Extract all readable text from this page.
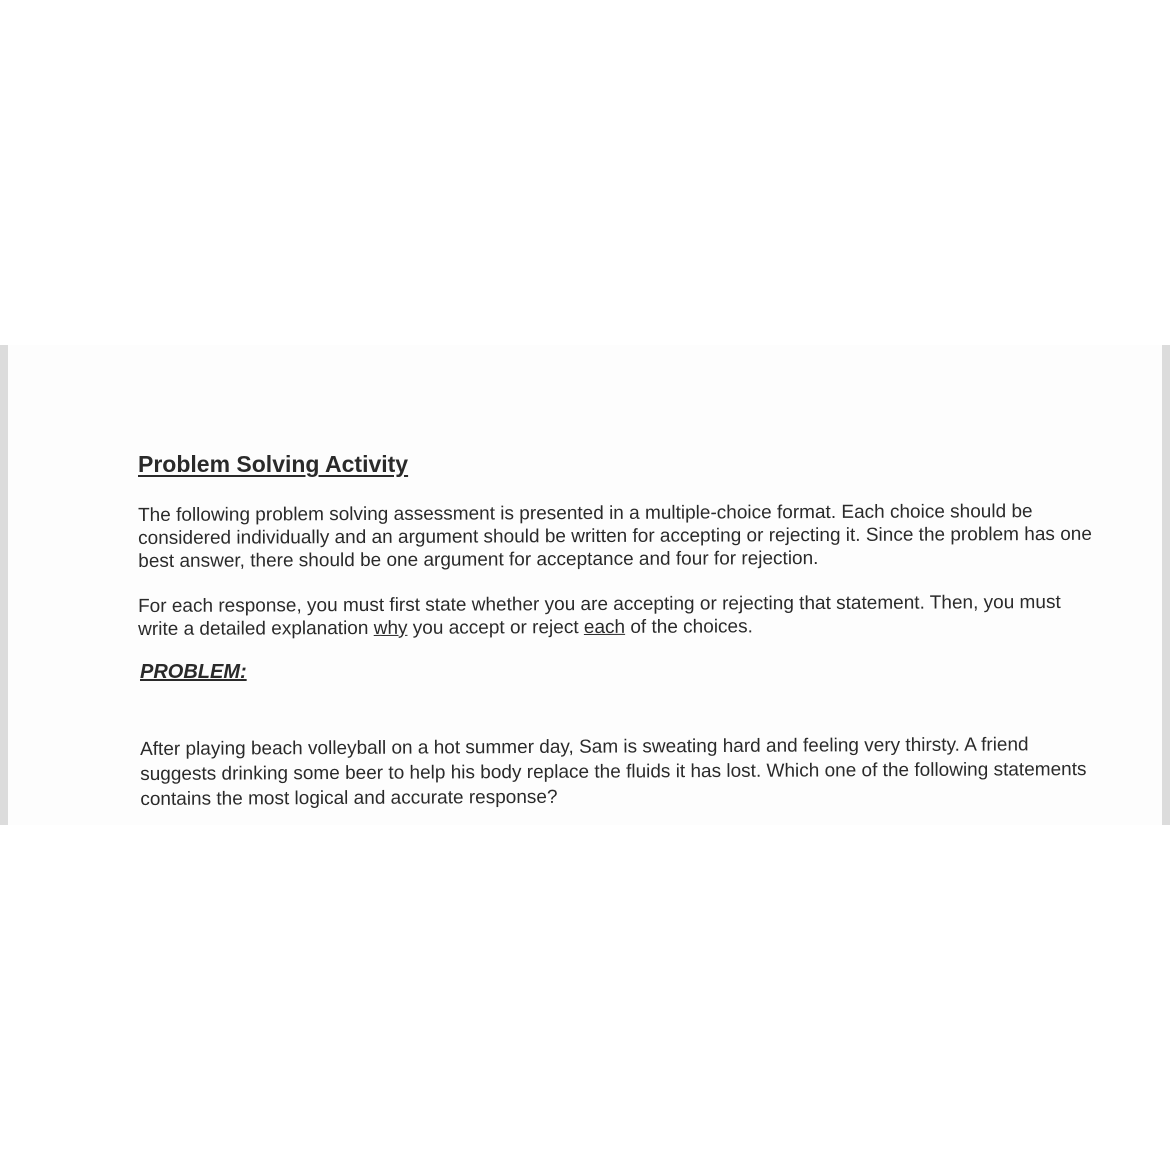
Problem Solving Activity

The following problem solving assessment is presented in a multiple-choice format. Each choice should be considered individually and an argument should be written for accepting or rejecting it. Since the problem has one best answer, there should be one argument for acceptance and four for rejection.

For each response, you must first state whether you are accepting or rejecting that statement. Then, you must write a detailed explanation why you accept or reject each of the choices.

PROBLEM:

After playing beach volleyball on a hot summer day, Sam is sweating hard and feeling very thirsty. A friend suggests drinking some beer to help his body replace the fluids it has lost. Which one of the following statements contains the most logical and accurate response?
